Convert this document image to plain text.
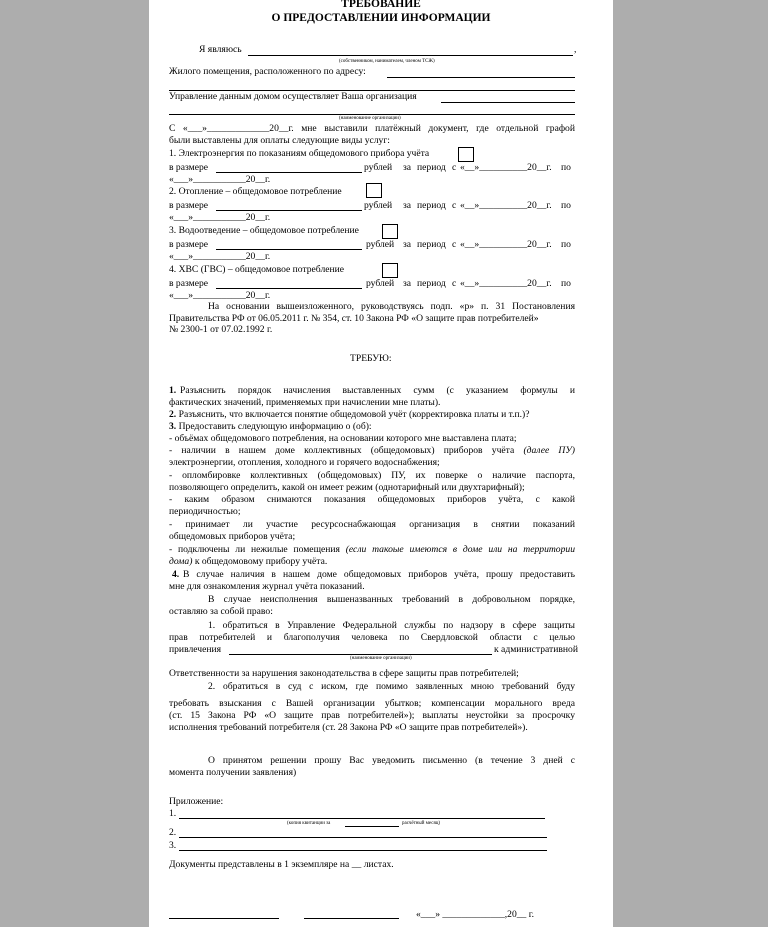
ТРЕБОВАНИЕ
О ПРЕДОСТАВЛЕНИИ ИНФОРМАЦИИ
Я являюсь	,
(собственником, нанимателем, членом ТСЖ)
Жилого помещения, расположенного по адресу:
Управление данным домом осуществляет Ваша организация
(наименование организации)
С «___»_____________20__г. мне выставили платёжный документ, где отдельной графой
были выставлены для оплаты следующие виды услуг:
1. Электроэнергия по показаниям общедомового прибора учёта
в размере	рублей за период с «__»__________20__г. по
«___»___________20__г.
2. Отопление – общедомовое потребление
в размере	рублей за период с «__»__________20__г. по
«___»___________20__г.
3. Водоотведение – общедомовое потребление
в размере	рублей за период с «__»__________20__г. по
«___»___________20__г.
4. ХВС (ГВС) – общедомовое потребление
в размере	рублей за период с «__»__________20__г. по
«___»___________20__г.
На основании вышеизложенного, руководствуясь подп. «р» п. 31 Постановления
Правительства РФ от 06.05.2011 г. № 354, ст. 10 Закона РФ «О защите прав потребителей»
№ 2300-1 от 07.02.1992 г.
ТРЕБУЮ:
1. Разъяснить порядок начисления выставленных сумм (с указанием формулы и
фактических значений, применяемых при начислении мне платы).
2. Разъяснить, что включается понятие общедомовой учёт (корректировка платы и т.п.)?
3. Предоставить следующую информацию о (об):
- объёмах общедомового потребления, на основании которого мне выставлена плата;
- наличии в нашем доме коллективных (общедомовых) приборов учёта (далее ПУ)
электроэнергии, отопления, холодного и горячего водоснабжения;
- опломбировке коллективных (общедомовых) ПУ, их поверке о наличие паспорта,
позволяющего определить, какой он имеет режим (однотарифный или двухтарифный);
- каким образом снимаются показания общедомовых приборов учёта, с какой
периодичностью;
- принимает ли участие ресурсоснабжающая организация в снятии показаний
общедомовых приборов учёта;
- подключены ли нежилые помещения (если такоые имеются в доме или на территории
дома) к общедомовому прибору учёта.
4. В случае наличия в нашем доме общедомовых приборов учёта, прошу предоставить
мне для ознакомления журнал учёта показаний.
В случае неисполнения вышеназванных требований в добровольном порядке,
оставляю за собой право:
1. обратиться в Управление Федеральной службы по надзору в сфере защиты
прав потребителей и благополучия человека по Свердловской области с целью
привлечения	к административной
(наименование организации)
Ответственности за нарушения законодательства в сфере защиты прав потребителей;
2. обратиться в суд с иском, где помимо заявленных мною требований буду
требовать взыскания с Вашей организации убытков; компенсации морального вреда
(ст. 15 Закона РФ «О защите прав потребителей»); выплаты неустойки за просрочку
исполнения требований потребителя (ст. 28 Закона РФ «О защите прав потребителей»).
О принятом решении прошу Вас уведомить письменно (в течение 3 дней с
момента получении заявления)
Приложение:
1.
(копия квитанции за	расчётный месяц)
2.
3.
Документы представлены в 1 экземпляре на __ листах.
«___» _____________,20__ г.
